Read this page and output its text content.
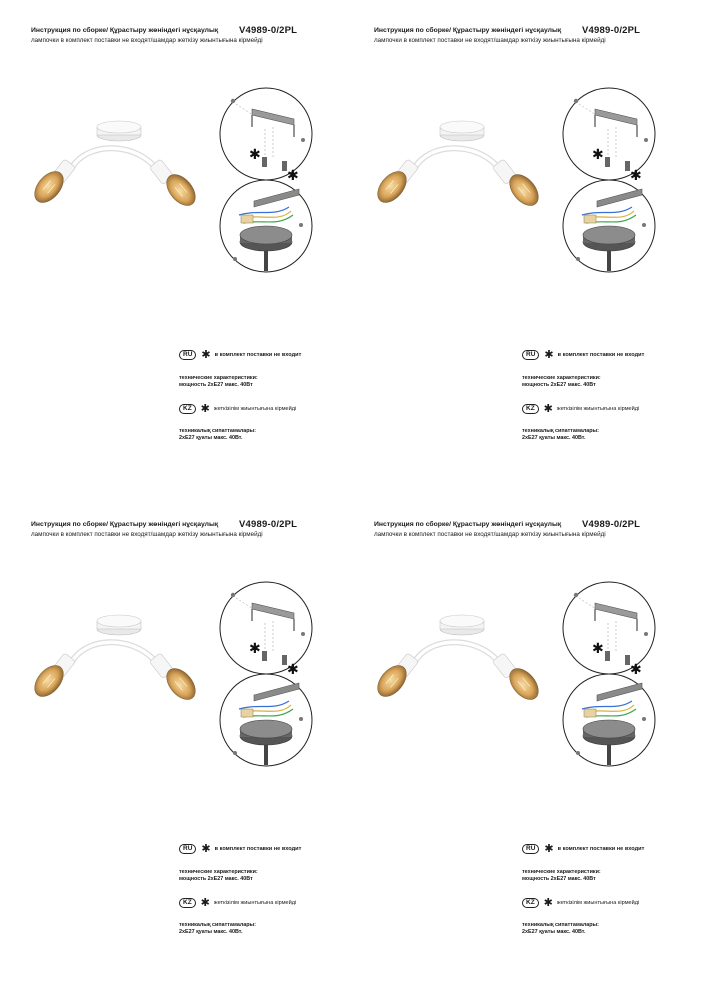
Инструкция по сборке/ Құрастыру жөніндегі нұсқаулық V4989-0/2PL
лампочки в комплект поставки не входят/шамдар жеткізу жиынтығына кірмейді
✱
✱
RU ✱ в комплект поставки не входит
технические характеристики:
мощность 2хЕ27 макс. 40Вт
KZ ✱ жеткізілім жиынтығына кірмейді
техникалық сипаттамалары:
2хЕ27 қуаты макс. 40Вт.
Инструкция по сборке/ Құрастыру жөніндегі нұсқаулық V4989-0/2PL
лампочки в комплект поставки не входят/шамдар жеткізу жиынтығына кірмейді
✱
✱
RU ✱ в комплект поставки не входит
технические характеристики:
мощность 2хЕ27 макс. 40Вт
KZ ✱ жеткізілім жиынтығына кірмейді
техникалық сипаттамалары:
2хЕ27 қуаты макс. 40Вт.
Инструкция по сборке/ Құрастыру жөніндегі нұсқаулық V4989-0/2PL
лампочки в комплект поставки не входят/шамдар жеткізу жиынтығына кірмейді
✱
✱
RU ✱ в комплект поставки не входит
технические характеристики:
мощность 2хЕ27 макс. 40Вт
KZ ✱ жеткізілім жиынтығына кірмейді
техникалық сипаттамалары:
2хЕ27 қуаты макс. 40Вт.
Инструкция по сборке/ Құрастыру жөніндегі нұсқаулық V4989-0/2PL
лампочки в комплект поставки не входят/шамдар жеткізу жиынтығына кірмейді
✱
✱
RU ✱ в комплект поставки не входит
технические характеристики:
мощность 2хЕ27 макс. 40Вт
KZ ✱ жеткізілім жиынтығына кірмейді
техникалық сипаттамалары:
2хЕ27 қуаты макс. 40Вт.
